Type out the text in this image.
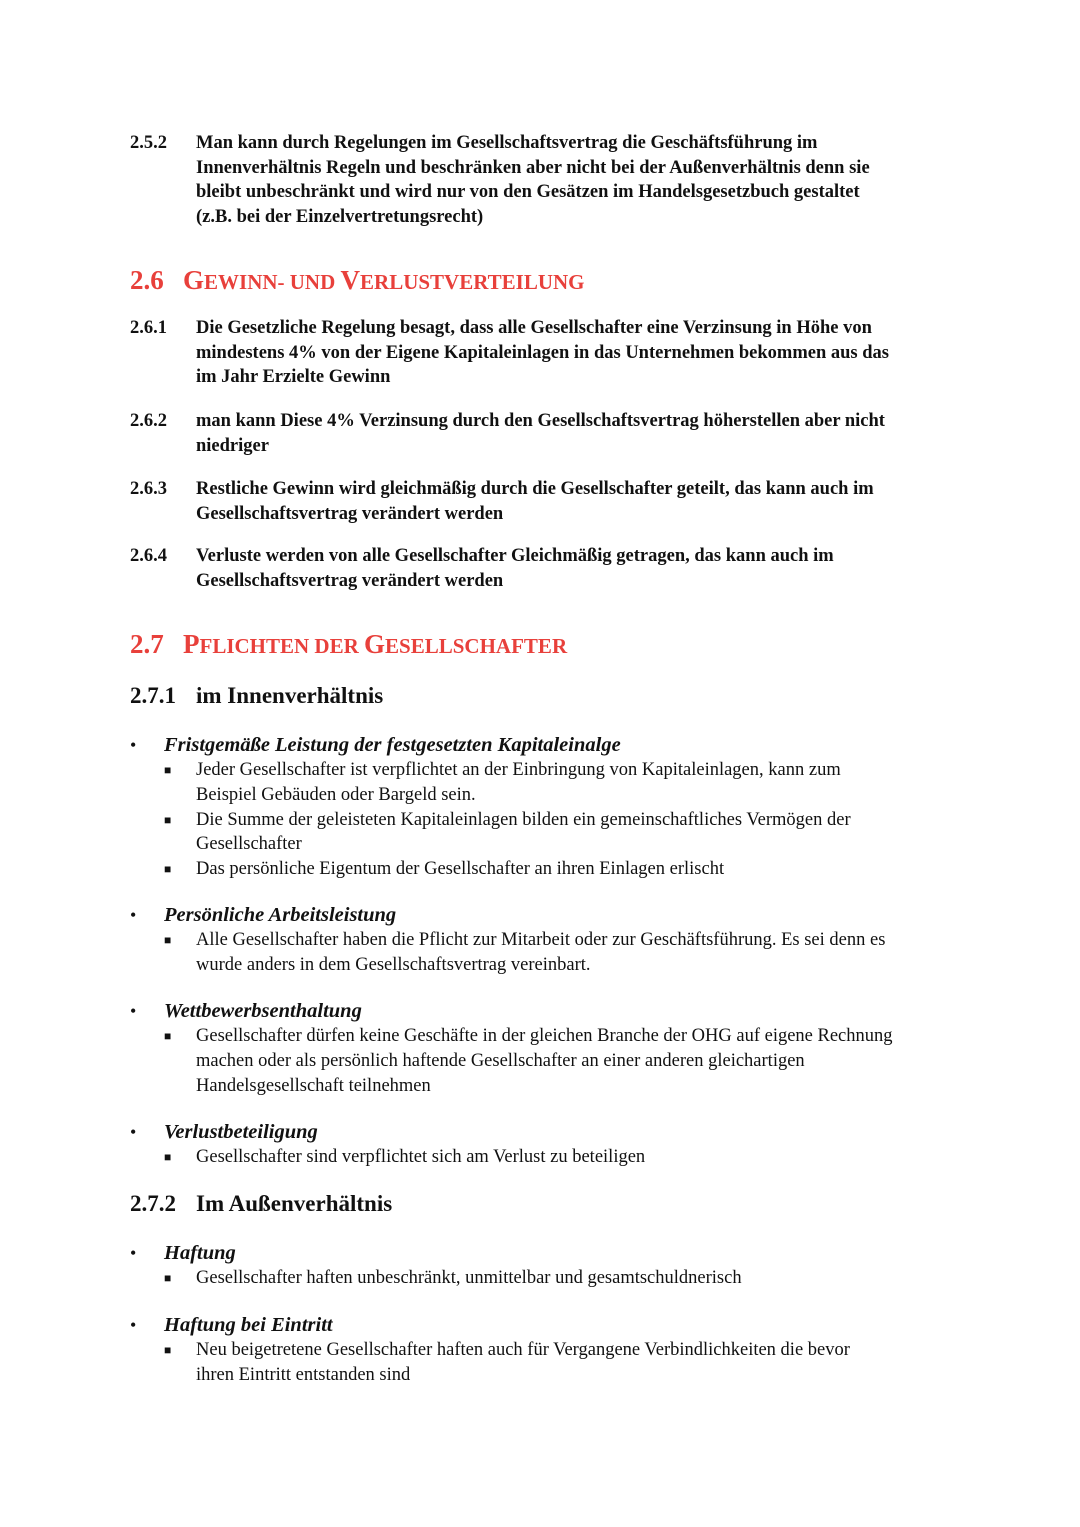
2.5.2 Man kann durch Regelungen im Gesellschaftsvertrag die Geschäftsführung im
Innenverhältnis Regeln und beschränken aber nicht bei der Außenverhältnis denn sie
bleibt unbeschränkt und wird nur von den Gesätzen im Handelsgesetzbuch gestaltet
(z.B. bei der Einzelvertretungsrecht)
2.6 GEWINN- UND VERLUSTVERTEILUNG
2.6.1 Die Gesetzliche Regelung besagt, dass alle Gesellschafter eine Verzinsung in Höhe von
mindestens 4% von der Eigene Kapitaleinlagen in das Unternehmen bekommen aus das
im Jahr Erzielte Gewinn
2.6.2 man kann Diese 4% Verzinsung durch den Gesellschaftsvertrag höherstellen aber nicht
niedriger
2.6.3 Restliche Gewinn wird gleichmäßig durch die Gesellschafter geteilt, das kann auch im
Gesellschaftsvertrag verändert werden
2.6.4 Verluste werden von alle Gesellschafter Gleichmäßig getragen, das kann auch im
Gesellschaftsvertrag verändert werden
2.7 PFLICHTEN DER GESELLSCHAFTER
2.7.1 im Innenverhältnis
• Fristgemäße Leistung der festgesetzten Kapitaleinalge
■ Jeder Gesellschafter ist verpflichtet an der Einbringung von Kapitaleinlagen, kann zum
Beispiel Gebäuden oder Bargeld sein.
■ Die Summe der geleisteten Kapitaleinlagen bilden ein gemeinschaftliches Vermögen der
Gesellschafter
■ Das persönliche Eigentum der Gesellschafter an ihren Einlagen erlischt
• Persönliche Arbeitsleistung
■ Alle Gesellschafter haben die Pflicht zur Mitarbeit oder zur Geschäftsführung. Es sei denn es
wurde anders in dem Gesellschaftsvertrag vereinbart.
• Wettbewerbsenthaltung
■ Gesellschafter dürfen keine Geschäfte in der gleichen Branche der OHG auf eigene Rechnung
machen oder als persönlich haftende Gesellschafter an einer anderen gleichartigen
Handelsgesellschaft teilnehmen
• Verlustbeteiligung
■ Gesellschafter sind verpflichtet sich am Verlust zu beteiligen
2.7.2 Im Außenverhältnis
• Haftung
■ Gesellschafter haften unbeschränkt, unmittelbar und gesamtschuldnerisch
• Haftung bei Eintritt
■ Neu beigetretene Gesellschafter haften auch für Vergangene Verbindlichkeiten die bevor
ihren Eintritt entstanden sind
